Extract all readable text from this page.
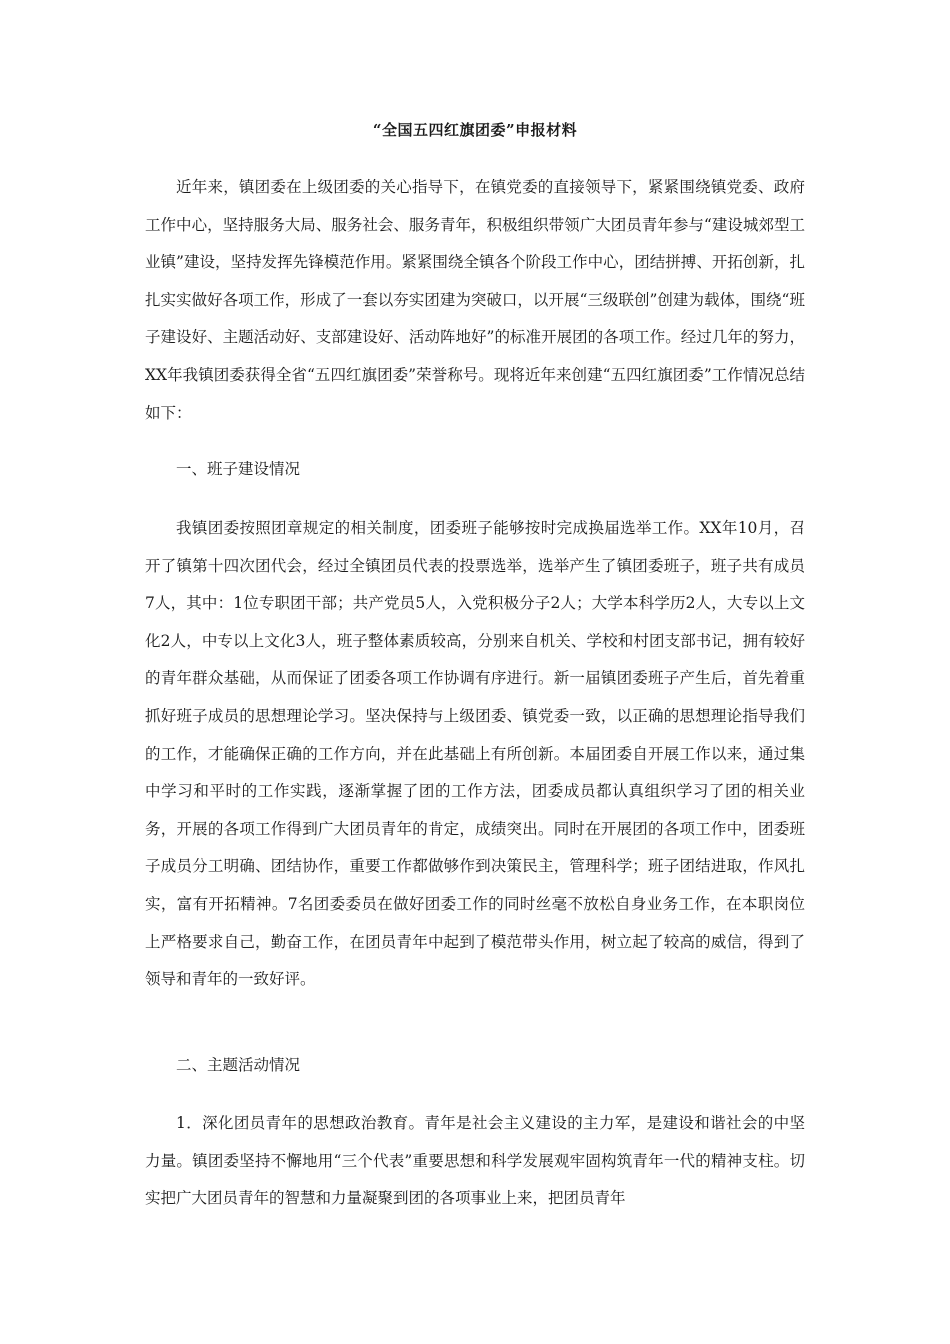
“全国五四红旗团委”申报材料

近年来，镇团委在上级团委的关心指导下，在镇党委的直接领导下，紧紧围绕镇党委、政府工作中心，坚持服务大局、服务社会、服务青年，积极组织带领广大团员青年参与“建设城郊型工业镇”建设，坚持发挥先锋模范作用。紧紧围绕全镇各个阶段工作中心，团结拼搏、开拓创新，扎扎实实做好各项工作，形成了一套以夯实团建为突破口，以开展“三级联创”创建为载体，围绕“班子建设好、主题活动好、支部建设好、活动阵地好”的标准开展团的各项工作。经过几年的努力，XX年我镇团委获得全省“五四红旗团委”荣誉称号。现将近年来创建“五四红旗团委”工作情况总结如下：

一、班子建设情况

我镇团委按照团章规定的相关制度，团委班子能够按时完成换届选举工作。XX年10月，召开了镇第十四次团代会，经过全镇团员代表的投票选举，选举产生了镇团委班子，班子共有成员7人，其中：1位专职团干部；共产党员5人，入党积极分子2人；大学本科学历2人，大专以上文化2人，中专以上文化3人，班子整体素质较高，分别来自机关、学校和村团支部书记，拥有较好的青年群众基础，从而保证了团委各项工作协调有序进行。新一届镇团委班子产生后，首先着重抓好班子成员的思想理论学习。坚决保持与上级团委、镇党委一致，以正确的思想理论指导我们的工作，才能确保正确的工作方向，并在此基础上有所创新。本届团委自开展工作以来，通过集中学习和平时的工作实践，逐渐掌握了团的工作方法，团委成员都认真组织学习了团的相关业务，开展的各项工作得到广大团员青年的肯定，成绩突出。同时在开展团的各项工作中，团委班子成员分工明确、团结协作，重要工作都做够作到决策民主，管理科学；班子团结进取，作风扎实，富有开拓精神。7名团委委员在做好团委工作的同时丝毫不放松自身业务工作，在本职岗位上严格要求自己，勤奋工作，在团员青年中起到了模范带头作用，树立起了较高的威信，得到了领导和青年的一致好评。

二、主题活动情况

1．深化团员青年的思想政治教育。青年是社会主义建设的主力军，是建设和谐社会的中坚力量。镇团委坚持不懈地用“三个代表”重要思想和科学发展观牢固构筑青年一代的精神支柱。切实把广大团员青年的智慧和力量凝聚到团的各项事业上来，把团员青年
